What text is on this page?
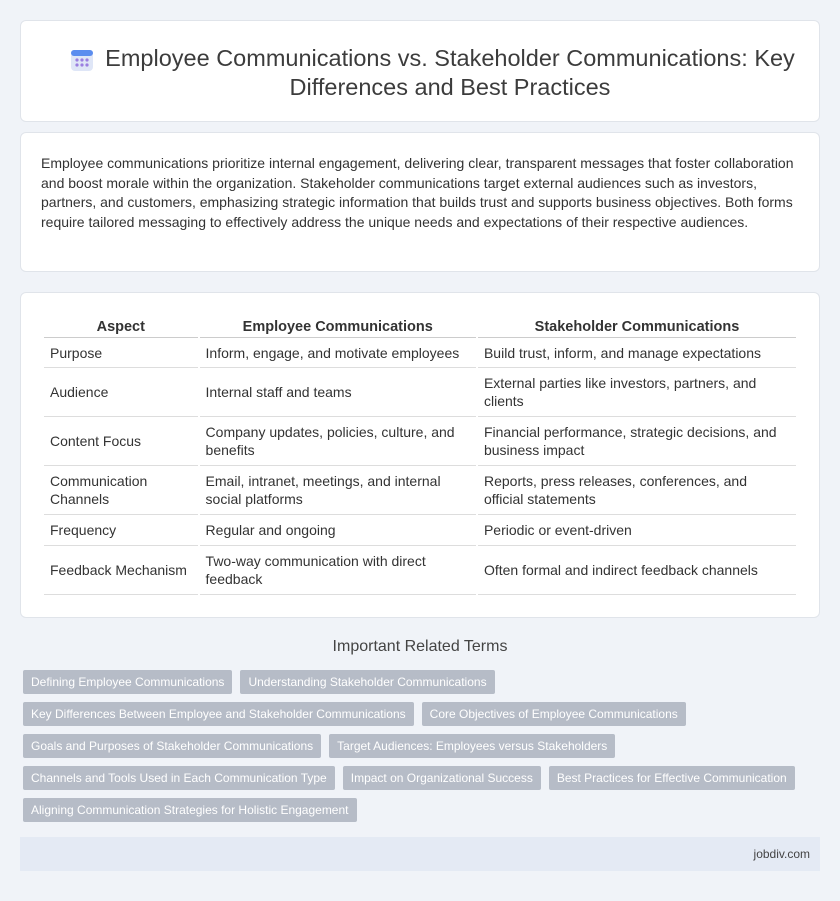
Employee Communications vs. Stakeholder Communications: Key Differences and Best Practices

Employee communications prioritize internal engagement, delivering clear, transparent messages that foster collaboration and boost morale within the organization. Stakeholder communications target external audiences such as investors, partners, and customers, emphasizing strategic information that builds trust and supports business objectives. Both forms require tailored messaging to effectively address the unique needs and expectations of their respective audiences.

Aspect	Employee Communications	Stakeholder Communications
Purpose	Inform, engage, and motivate employees	Build trust, inform, and manage expectations
Audience	Internal staff and teams	External parties like investors, partners, and clients
Content Focus	Company updates, policies, culture, and benefits	Financial performance, strategic decisions, and business impact
Communication Channels	Email, intranet, meetings, and internal social platforms	Reports, press releases, conferences, and official statements
Frequency	Regular and ongoing	Periodic or event-driven
Feedback Mechanism	Two-way communication with direct feedback	Often formal and indirect feedback channels
Important Related Terms
Defining Employee Communications	Understanding Stakeholder Communications
Key Differences Between Employee and Stakeholder Communications	Core Objectives of Employee Communications
Goals and Purposes of Stakeholder Communications	Target Audiences: Employees versus Stakeholders
Channels and Tools Used in Each Communication Type	Impact on Organizational Success	Best Practices for Effective Communication
Aligning Communication Strategies for Holistic Engagement
jobdiv.com
